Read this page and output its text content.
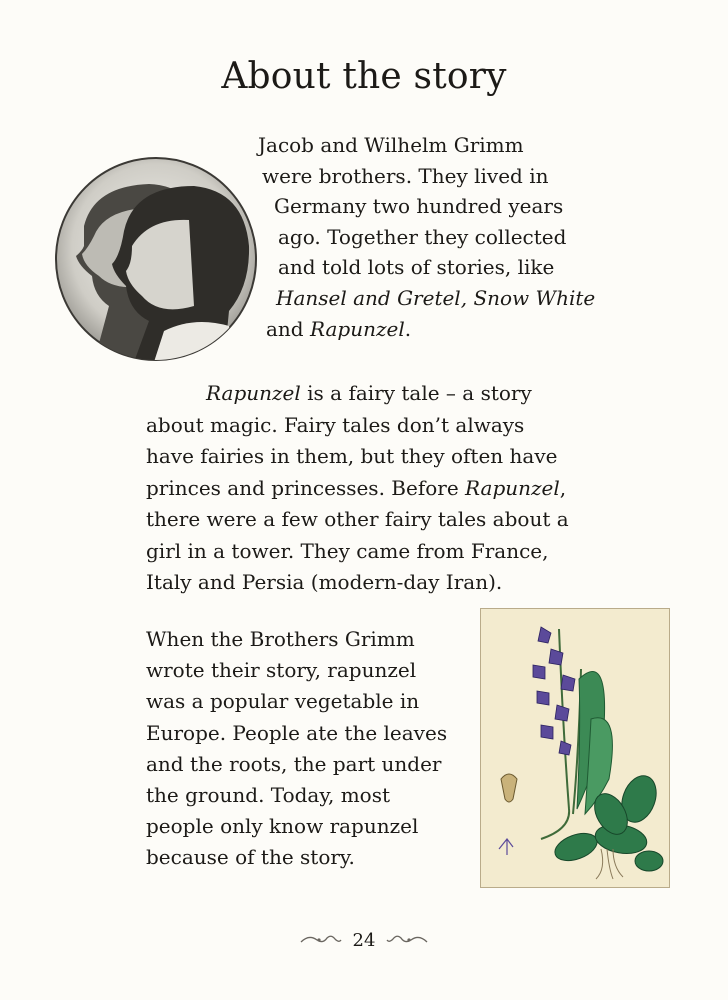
About the story
Jacob and Wilhelm Grimm
were brothers. They lived in
Germany two hundred years
ago. Together they collected
and told lots of stories, like
Hansel and Gretel, Snow White
and Rapunzel.
Rapunzel is a fairy tale – a story
about magic. Fairy tales don’t always
have fairies in them, but they often have
princes and princesses. Before Rapunzel,
there were a few other fairy tales about a
girl in a tower. They came from France,
Italy and Persia (modern-day Iran).
When the Brothers Grimm
wrote their story, rapunzel
was a popular vegetable in
Europe. People ate the leaves
and the roots, the part under
the ground. Today, most
people only know rapunzel
because of the story.
24
